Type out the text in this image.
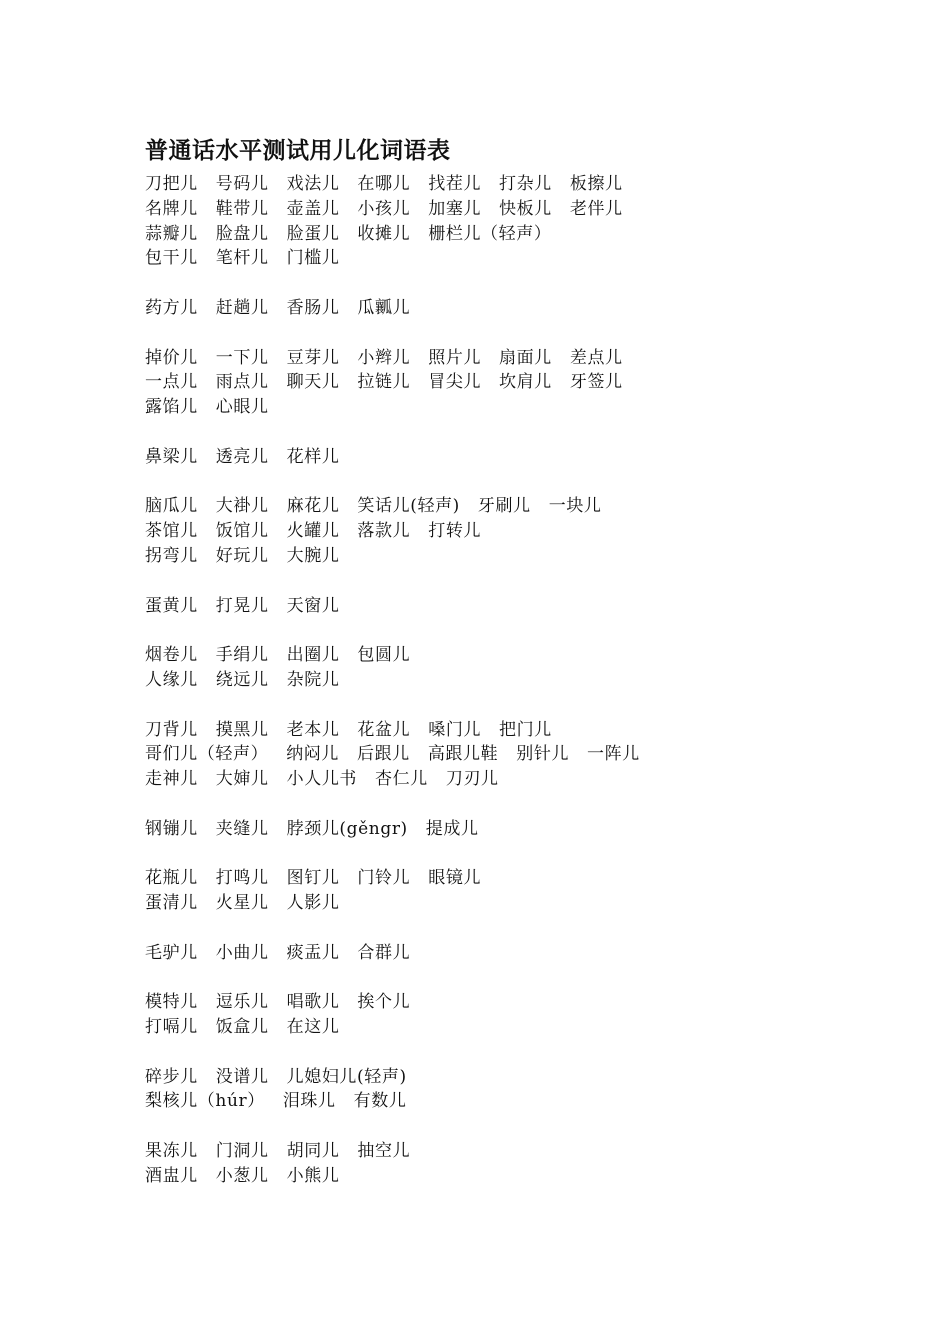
普通话水平测试用儿化词语表
刀把儿   号码儿   戏法儿   在哪儿   找茬儿   打杂儿   板擦儿
名牌儿   鞋带儿   壶盖儿   小孩儿   加塞儿   快板儿   老伴儿
蒜瓣儿   脸盘儿   脸蛋儿   收摊儿   栅栏儿（轻声）
包干儿   笔杆儿   门槛儿
药方儿   赶趟儿   香肠儿   瓜瓤儿
掉价儿   一下儿   豆芽儿   小辫儿   照片儿   扇面儿   差点儿
一点儿   雨点儿   聊天儿   拉链儿   冒尖儿   坎肩儿   牙签儿
露馅儿   心眼儿
鼻梁儿   透亮儿   花样儿
脑瓜儿   大褂儿   麻花儿   笑话儿(轻声)   牙刷儿   一块儿
茶馆儿   饭馆儿   火罐儿   落款儿   打转儿
拐弯儿   好玩儿   大腕儿
蛋黄儿   打晃儿   天窗儿
烟卷儿   手绢儿   出圈儿   包圆儿
人缘儿   绕远儿   杂院儿
刀背儿   摸黑儿   老本儿   花盆儿   嗓门儿   把门儿
哥们儿（轻声）   纳闷儿   后跟儿   高跟儿鞋   别针儿   一阵儿
走神儿   大婶儿   小人儿书   杏仁儿   刀刃儿
钢镚儿   夹缝儿   脖颈儿(gěngr)   提成儿
花瓶儿   打鸣儿   图钉儿   门铃儿   眼镜儿
蛋清儿   火星儿   人影儿
毛驴儿   小曲儿   痰盂儿   合群儿
模特儿   逗乐儿   唱歌儿   挨个儿
打嗝儿   饭盒儿   在这儿
碎步儿   没谱儿   儿媳妇儿(轻声)
梨核儿（húr）   泪珠儿   有数儿
果冻儿   门洞儿   胡同儿   抽空儿
酒盅儿   小葱儿   小熊儿
